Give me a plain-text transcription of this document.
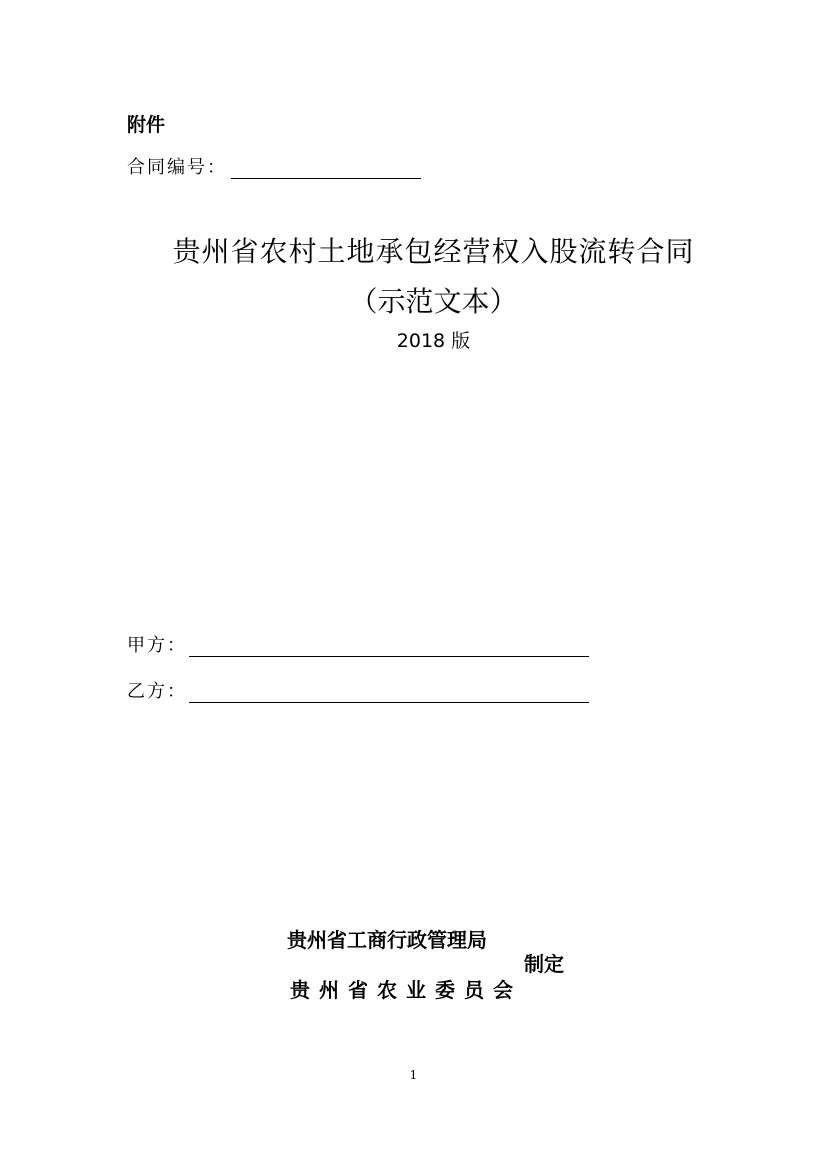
附件
合同编号：
贵州省农村土地承包经营权入股流转合同
（示范文本）
2018 版
甲方：
乙方：
贵州省工商行政管理局
制定
贵州省农业委员会
1
